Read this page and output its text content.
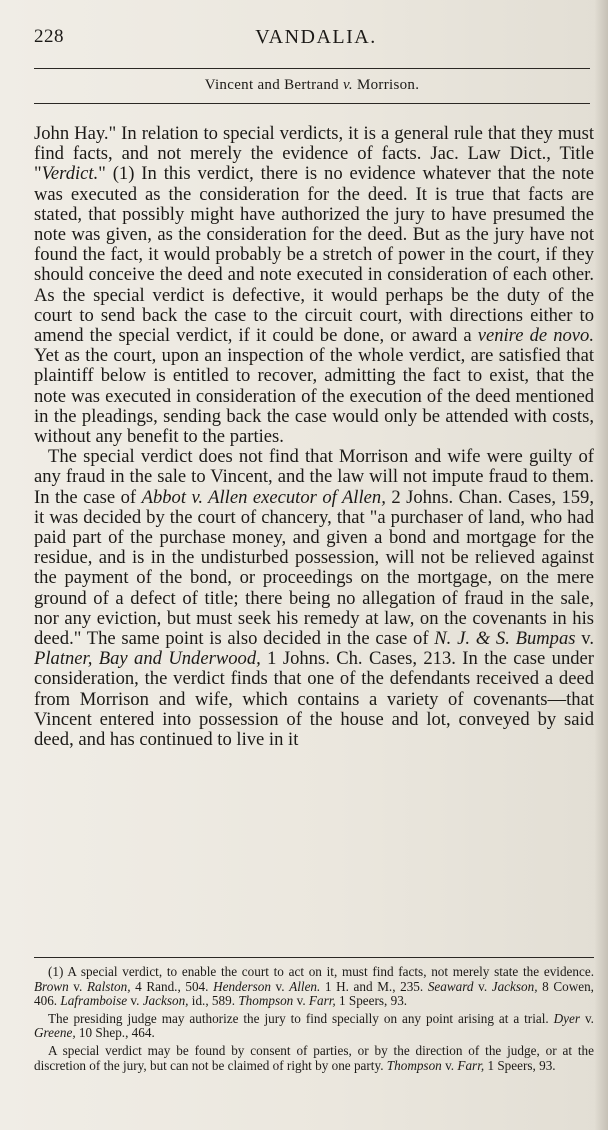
228	VANDALIA.
Vincent and Bertrand v. Morrison.

John Hay." In relation to special verdicts, it is a general rule that they must find facts, and not merely the evidence of facts. Jac. Law Dict., Title "Verdict." (1) In this verdict, there is no evidence whatever that the note was executed as the consideration for the deed. It is true that facts are stated, that possibly might have authorized the jury to have presumed the note was given, as the consideration for the deed. But as the jury have not found the fact, it would probably be a stretch of power in the court, if they should conceive the deed and note executed in consideration of each other. As the special verdict is defective, it would perhaps be the duty of the court to send back the case to the circuit court, with directions either to amend the special verdict, if it could be done, or award a venire de novo. Yet as the court, upon an inspection of the whole verdict, are satisfied that plaintiff below is entitled to recover, admitting the fact to exist, that the note was executed in consideration of the execution of the deed mentioned in the pleadings, sending back the case would only be attended with costs, without any benefit to the parties.

The special verdict does not find that Morrison and wife were guilty of any fraud in the sale to Vincent, and the law will not impute fraud to them. In the case of Abbot v. Allen executor of Allen, 2 Johns. Chan. Cases, 159, it was decided by the court of chancery, that "a purchaser of land, who had paid part of the purchase money, and given a bond and mortgage for the residue, and is in the undisturbed possession, will not be relieved against the payment of the bond, or proceedings on the mortgage, on the mere ground of a defect of title; there being no allegation of fraud in the sale, nor any eviction, but must seek his remedy at law, on the covenants in his deed." The same point is also decided in the case of N. J. & S. Bumpas v. Platner, Bay and Underwood, 1 Johns. Ch. Cases, 213. In the case under consideration, the verdict finds that one of the defendants received a deed from Morrison and wife, which contains a variety of covenants—that Vincent entered into possession of the house and lot, conveyed by said deed, and has continued to live in it

(1) A special verdict, to enable the court to act on it, must find facts, not merely state the evidence. Brown v. Ralston, 4 Rand., 504. Henderson v. Allen. 1 H. and M., 235. Seaward v. Jackson, 8 Cowen, 406. Laframboise v. Jackson, id., 589. Thompson v. Farr, 1 Speers, 93.

The presiding judge may authorize the jury to find specially on any point arising at a trial. Dyer v. Greene, 10 Shep., 464.

A special verdict may be found by consent of parties, or by the direction of the judge, or at the discretion of the jury, but can not be claimed of right by one party. Thompson v. Farr, 1 Speers, 93.
